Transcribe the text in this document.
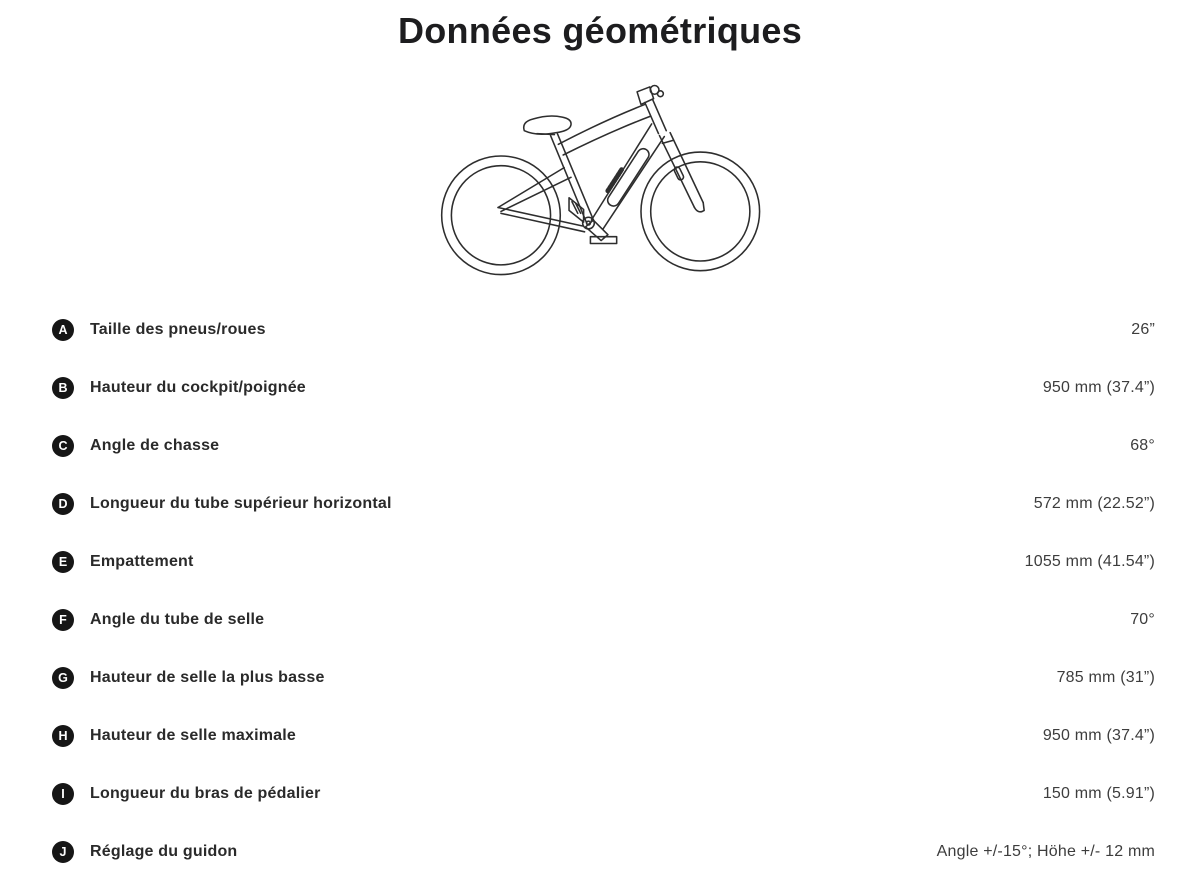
Données géométriques
A	Taille des pneus/roues	26”
B	Hauteur du cockpit/poignée	950 mm (37.4”)
C	Angle de chasse	68°
D	Longueur du tube supérieur horizontal	572 mm (22.52”)
E	Empattement	1055 mm (41.54”)
F	Angle du tube de selle	70°
G	Hauteur de selle la plus basse	785 mm (31”)
H	Hauteur de selle maximale	950 mm (37.4”)
I	Longueur du bras de pédalier	150 mm (5.91”)
J	Réglage du guidon	Angle +/-15°; Höhe +/- 12 mm
